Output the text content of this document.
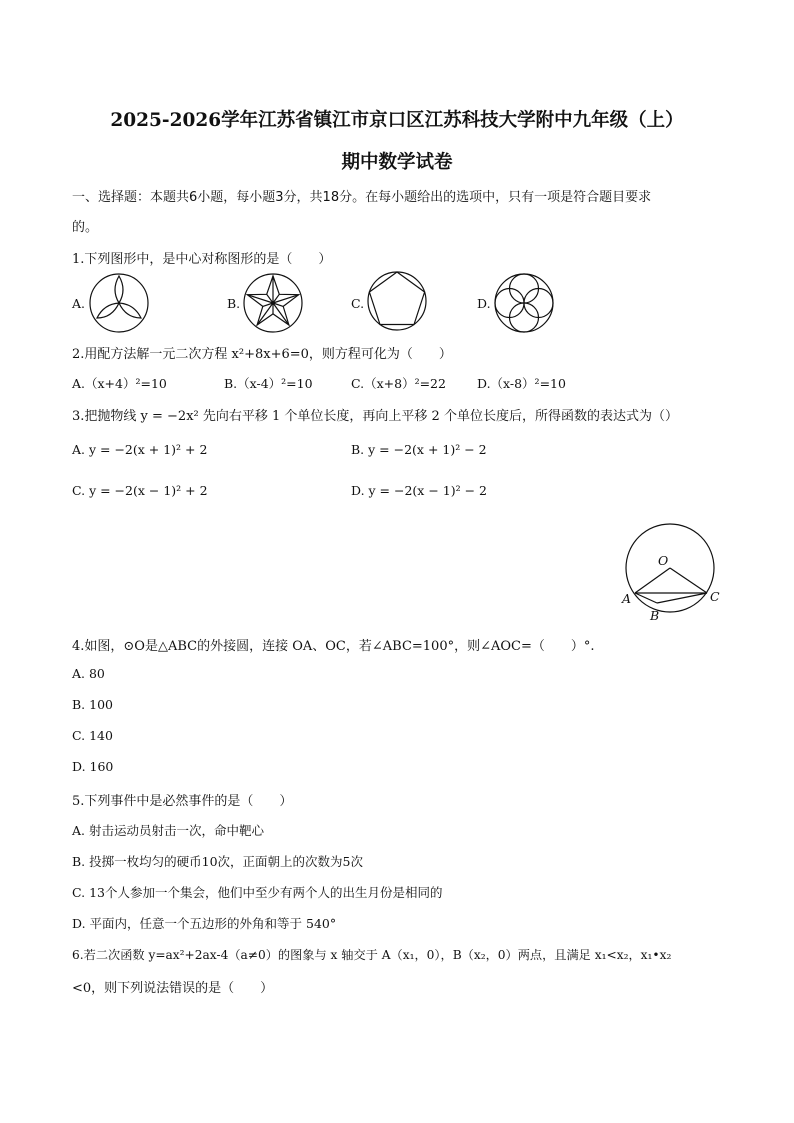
2025-2026学年江苏省镇江市京口区江苏科技大学附中九年级（上）
期中数学试卷
一、选择题：本题共6小题，每小题3分，共18分。在每小题给出的选项中，只有一项是符合题目要求
的。
1.下列图形中，是中心对称图形的是（　　）
A.	B.	C.	D.
2.用配方法解一元二次方程 x²+8x+6=0，则方程可化为（　　）
A.（x+4）²=10	B.（x-4）²=10	C.（x+8）²=22 D.（x-8）²=10
3.把抛物线 y = −2x² 先向右平移 1 个单位长度，再向上平移 2 个单位长度后，所得函数的表达式为（）
A. y = −2(x + 1)² + 2	B. y = −2(x + 1)² − 2
C. y = −2(x − 1)² + 2	D. y = −2(x − 1)² − 2
O
A
B
C
4.如图，⊙O是△ABC的外接圆，连接 OA、OC，若∠ABC=100°，则∠AOC=（　　）°.
A. 80
B. 100
C. 140
D. 160
5.下列事件中是必然事件的是（　　）
A. 射击运动员射击一次，命中靶心
B. 投掷一枚均匀的硬币10次，正面朝上的次数为5次
C. 13个人参加一个集会，他们中至少有两个人的出生月份是相同的
D. 平面内，任意一个五边形的外角和等于 540°
6.若二次函数 y=ax²+2ax-4（a≠0）的图象与 x 轴交于 A（x₁，0），B（x₂，0）两点，且满足 x₁<x₂，x₁•x₂
<0，则下列说法错误的是（　　）
